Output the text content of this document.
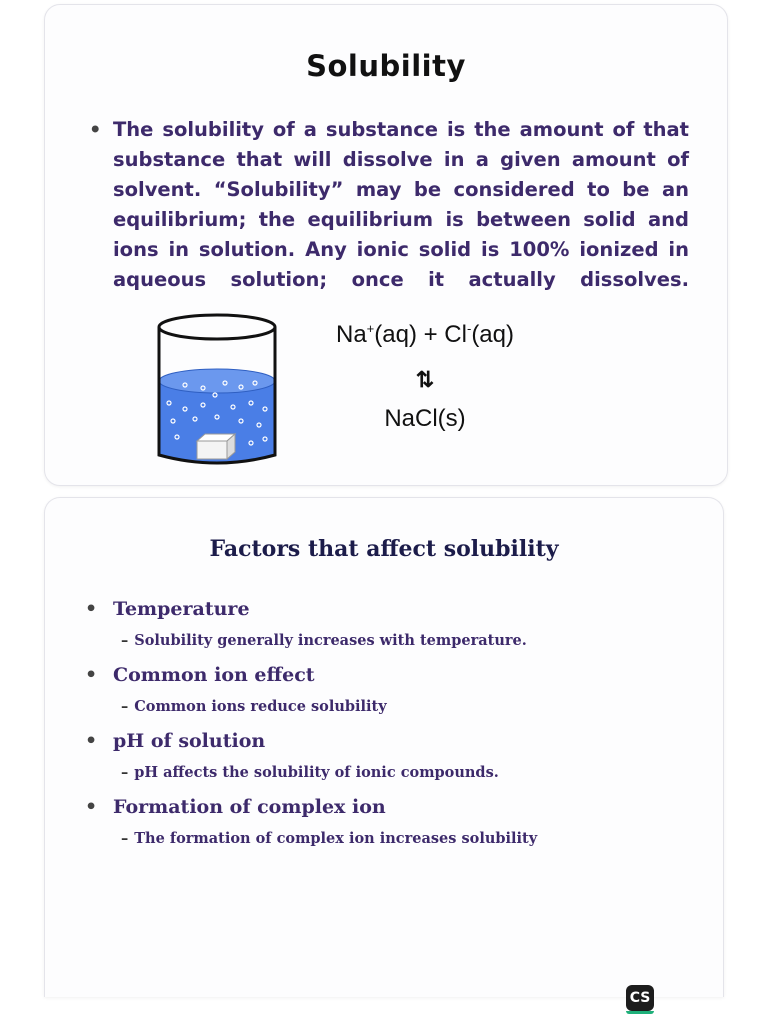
Solubility
• The solubility of a substance is the amount of that substance that will dissolve in a given amount of solvent. “Solubility” may be considered to be an equilibrium; the equilibrium is between solid and ions in solution. Any ionic solid is 100% ionized in aqueous solution; once it actually dissolves.
Na+(aq) + Cl-(aq)
⇅
NaCl(s)
Factors that affect solubility
• Temperature
– Solubility generally increases with temperature.
• Common ion effect
– Common ions reduce solubility
• pH of solution
– pH affects the solubility of ionic compounds.
• Formation of complex ion
– The formation of complex ion increases solubility
CS
